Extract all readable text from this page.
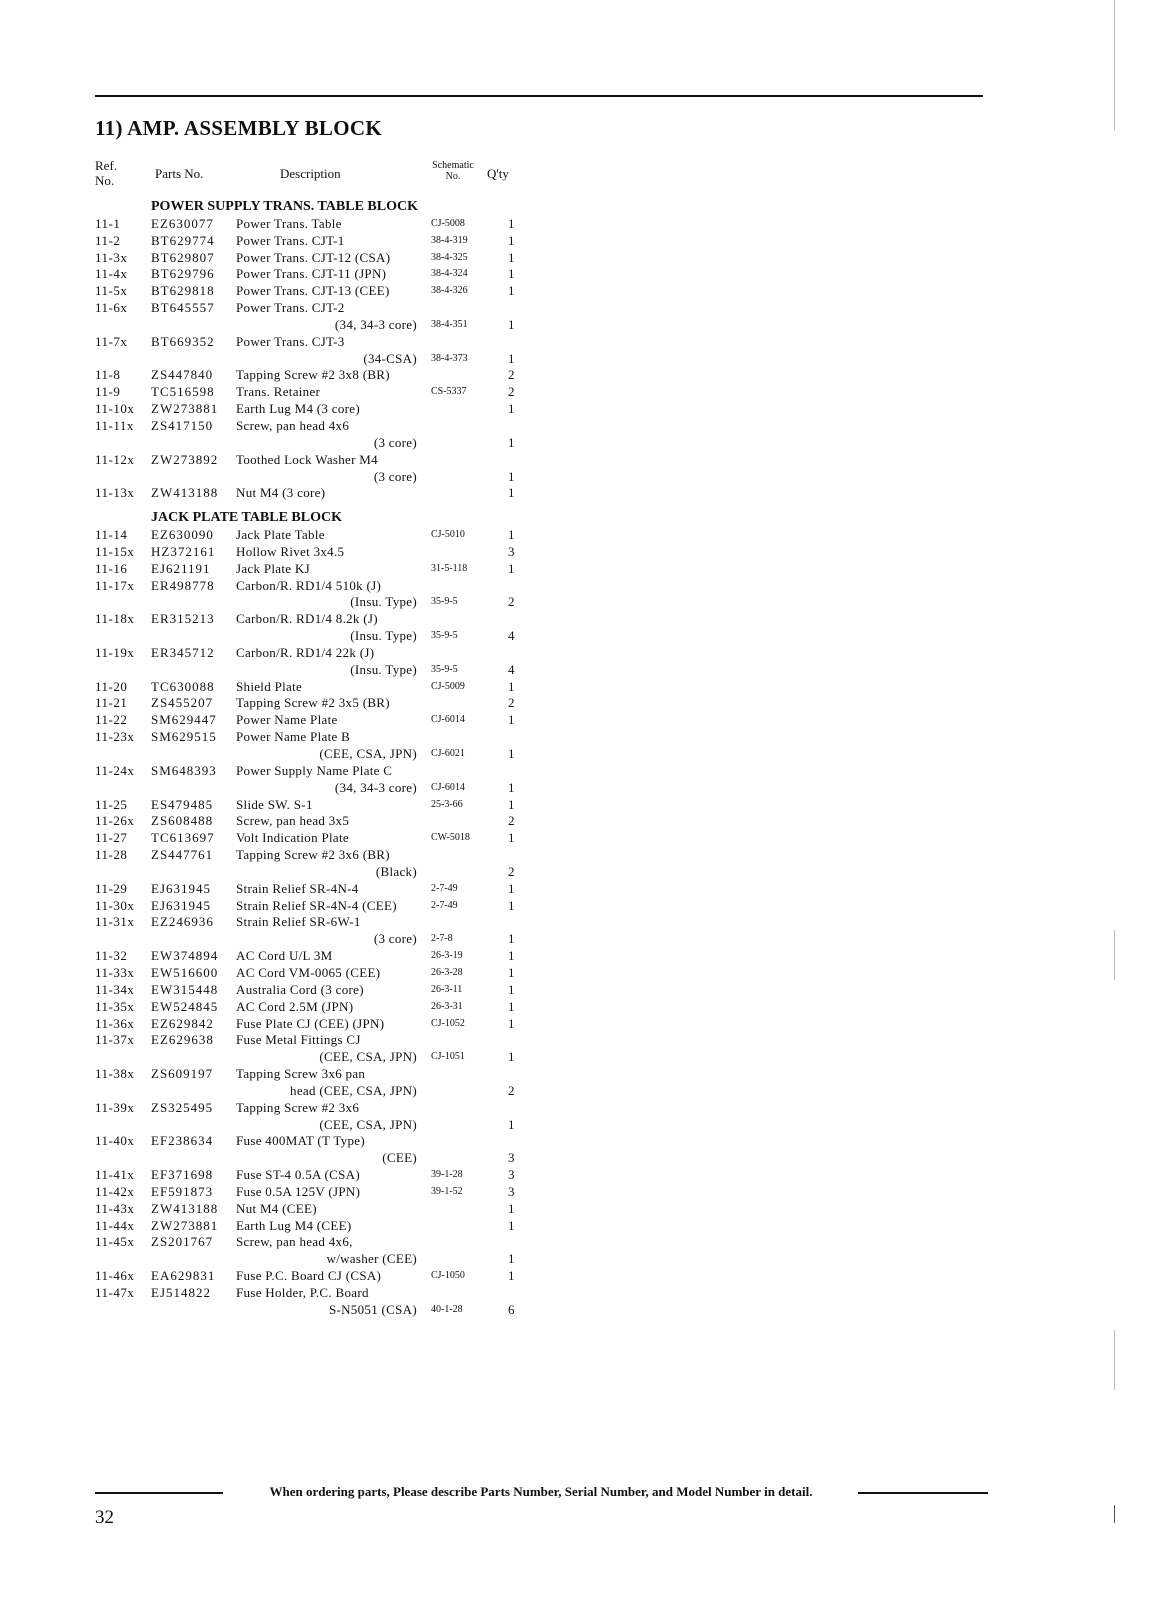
11) AMP. ASSEMBLY BLOCK
Ref.
No.	Parts No.	Description
Schematic
No.	Q'ty
POWER SUPPLY TRANS. TABLE BLOCK
11-1 EZ630077 Power Trans. Table	CJ-5008	1
11-2 BT629774 Power Trans. CJT-1	38-4-319	1
11-3x BT629807 Power Trans. CJT-12 (CSA)	38-4-325	1
11-4x BT629796 Power Trans. CJT-11 (JPN)	38-4-324	1
11-5x BT629818 Power Trans. CJT-13 (CEE)	38-4-326	1
11-6x BT645557 Power Trans. CJT-2
(34, 34-3 core) 38-4-351	1
11-7x BT669352 Power Trans. CJT-3
(34-CSA) 38-4-373	1
11-8 ZS447840 Tapping Screw #2 3x8 (BR)	2
11-9 TC516598 Trans. Retainer	CS-5337	2
11-10x ZW273881 Earth Lug M4 (3 core)	1
11-11x ZS417150 Screw, pan head 4x6
(3 core)	1
11-12x ZW273892 Toothed Lock Washer M4
(3 core)	1
11-13x ZW413188 Nut M4 (3 core)	1
JACK PLATE TABLE BLOCK
11-14 EZ630090 Jack Plate Table	CJ-5010	1
11-15x HZ372161 Hollow Rivet 3x4.5	3
11-16 EJ621191 Jack Plate KJ	31-5-118	1
11-17x ER498778 Carbon/R. RD1/4 510k (J)
(Insu. Type) 35-9-5	2
11-18x ER315213 Carbon/R. RD1/4 8.2k (J)
(Insu. Type) 35-9-5	4
11-19x ER345712 Carbon/R. RD1/4 22k (J)
(Insu. Type) 35-9-5	4
11-20 TC630088 Shield Plate	CJ-5009	1
11-21 ZS455207 Tapping Screw #2 3x5 (BR)	2
11-22 SM629447 Power Name Plate	CJ-6014	1
11-23x SM629515 Power Name Plate B
(CEE, CSA, JPN) CJ-6021	1
11-24x SM648393 Power Supply Name Plate C
(34, 34-3 core) CJ-6014	1
11-25 ES479485 Slide SW. S-1	25-3-66	1
11-26x ZS608488 Screw, pan head 3x5	2
11-27 TC613697 Volt Indication Plate	CW-5018	1
11-28 ZS447761 Tapping Screw #2 3x6 (BR)
(Black)	2
11-29 EJ631945 Strain Relief SR-4N-4	2-7-49	1
11-30x EJ631945 Strain Relief SR-4N-4 (CEE)	2-7-49	1
11-31x EZ246936 Strain Relief SR-6W-1
(3 core) 2-7-8	1
11-32 EW374894 AC Cord U/L 3M	26-3-19	1
11-33x EW516600 AC Cord VM-0065 (CEE)	26-3-28	1
11-34x EW315448 Australia Cord (3 core)	26-3-11	1
11-35x EW524845 AC Cord 2.5M (JPN)	26-3-31	1
11-36x EZ629842 Fuse Plate CJ (CEE) (JPN)	CJ-1052	1
11-37x EZ629638 Fuse Metal Fittings CJ
(CEE, CSA, JPN) CJ-1051	1
11-38x ZS609197 Tapping Screw 3x6 pan
head (CEE, CSA, JPN)	2
11-39x ZS325495 Tapping Screw #2 3x6
(CEE, CSA, JPN)	1
11-40x EF238634 Fuse 400MAT (T Type)
(CEE)	3
11-41x EF371698 Fuse ST-4 0.5A (CSA)	39-1-28	3
11-42x EF591873 Fuse 0.5A 125V (JPN)	39-1-52	3
11-43x ZW413188 Nut M4 (CEE)	1
11-44x ZW273881 Earth Lug M4 (CEE)	1
11-45x ZS201767 Screw, pan head 4x6,
w/washer (CEE)	1
11-46x EA629831 Fuse P.C. Board CJ (CSA)	CJ-1050	1
11-47x EJ514822 Fuse Holder, P.C. Board
S-N5051 (CSA) 40-1-28	6
When ordering parts, Please describe Parts Number, Serial Number, and Model Number in detail.
32
